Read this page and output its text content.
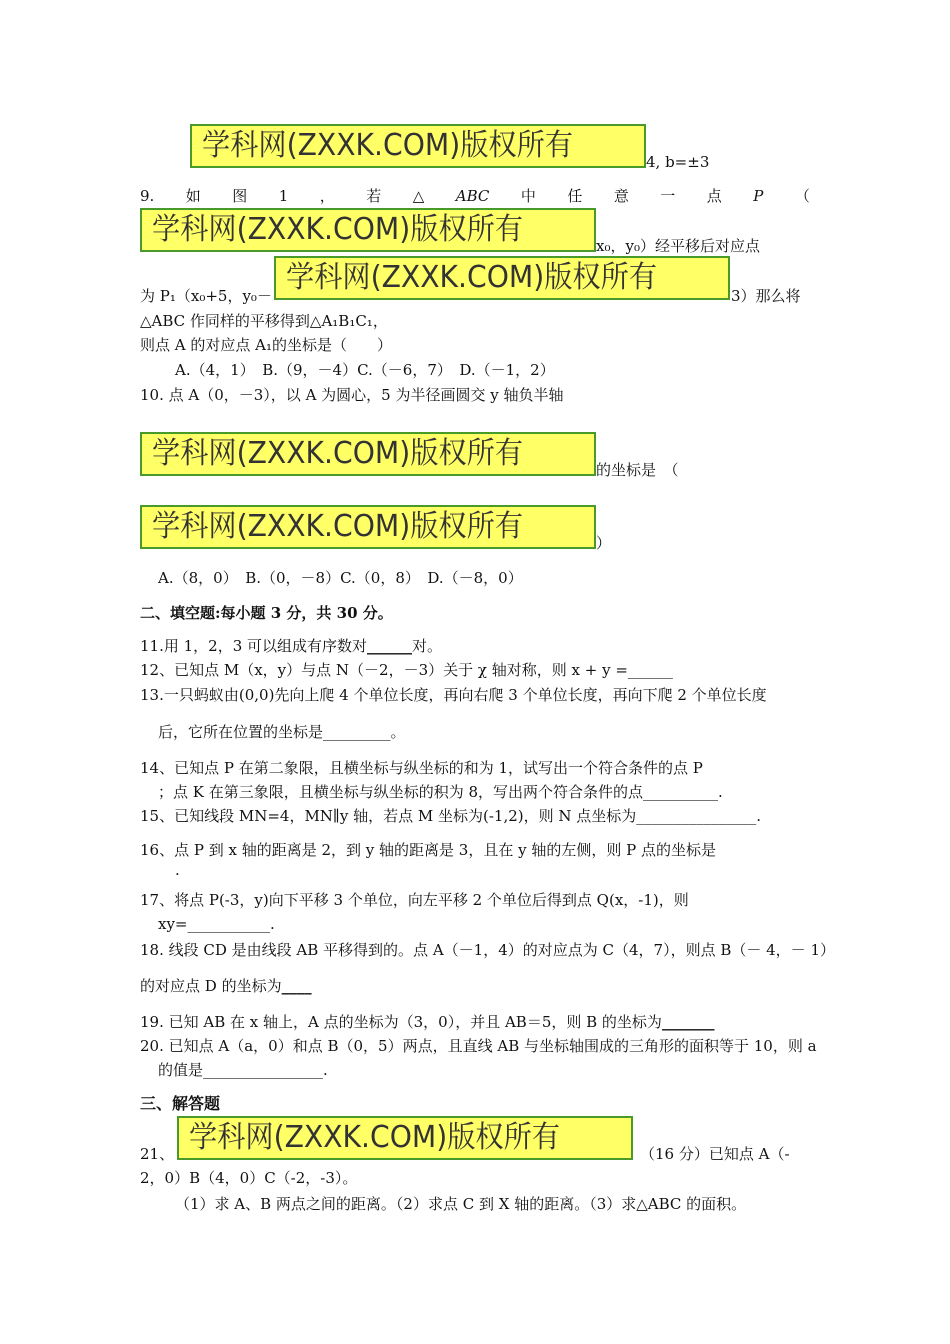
学科网(ZXXK.COM)版权所有	4, b=±3
9. 如 图 1 ， 若 △ ABC 中 任 意 一 点 P （
学科网(ZXXK.COM)版权所有	x₀，y₀）经平移后对应点
为 P₁（x₀+5，y₀－
学科网(ZXXK.COM)版权所有
3）那么将
△ABC 作同样的平移得到△A₁B₁C₁，
则点 A 的对应点 A₁的坐标是（　　）
A.（4，1）　B.（9，－4）C.（－6，7）　D.（－1，2）
10. 点 A（0，－3），以 A 为圆心，5 为半径画圆交 y 轴负半轴
学科网(ZXXK.COM)版权所有	的坐标是　（
学科网(ZXXK.COM)版权所有	）
A.（8，0）　B.（0，－8）C.（0，8）　D.（－8，0）
二、填空题:每小题 3 分，共 30 分。
11.用 1，2，3 可以组成有序数对______对。
12、已知点 M（x，y）与点 N（－2，－3）关于 χ 轴对称，则 x + y =______
13.一只蚂蚁由(0,0)先向上爬 4 个单位长度，再向右爬 3 个单位长度，再向下爬 2 个单位长度
后，它所在位置的坐标是_________。
14、已知点 P 在第二象限，且横坐标与纵坐标的和为 1，试写出一个符合条件的点 P
；点 K 在第三象限，且横坐标与纵坐标的积为 8，写出两个符合条件的点__________.
15、已知线段 MN=4，MN∥y 轴，若点 M 坐标为(-1,2)，则 N 点坐标为________________.
16、点 P 到 x 轴的距离是 2，到 y 轴的距离是 3，且在 y 轴的左侧，则 P 点的坐标是
.
17、将点 P(-3，y)向下平移 3 个单位，向左平移 2 个单位后得到点 Q(x，-1)，则
xy=___________.
18. 线段 CD 是由线段 AB 平移得到的。点 A（－1，4）的对应点为 C（4，7），则点 B（－ 4，－ 1）
的对应点 D 的坐标为____
19. 已知 AB 在 x 轴上，A 点的坐标为（3，0），并且 AB＝5，则 B 的坐标为_______
20. 已知点 A（a，0）和点 B（0，5）两点，且直线 AB 与坐标轴围成的三角形的面积等于 10，则 a
的值是________________.
三、解答题
21、 学科网(ZXXK.COM)版权所有	（16 分）已知点 A（-
2，0）B（4，0）C（-2，-3）。
（1）求 A、B 两点之间的距离。（2）求点 C 到 X 轴的距离。（3）求△ABC 的面积。
